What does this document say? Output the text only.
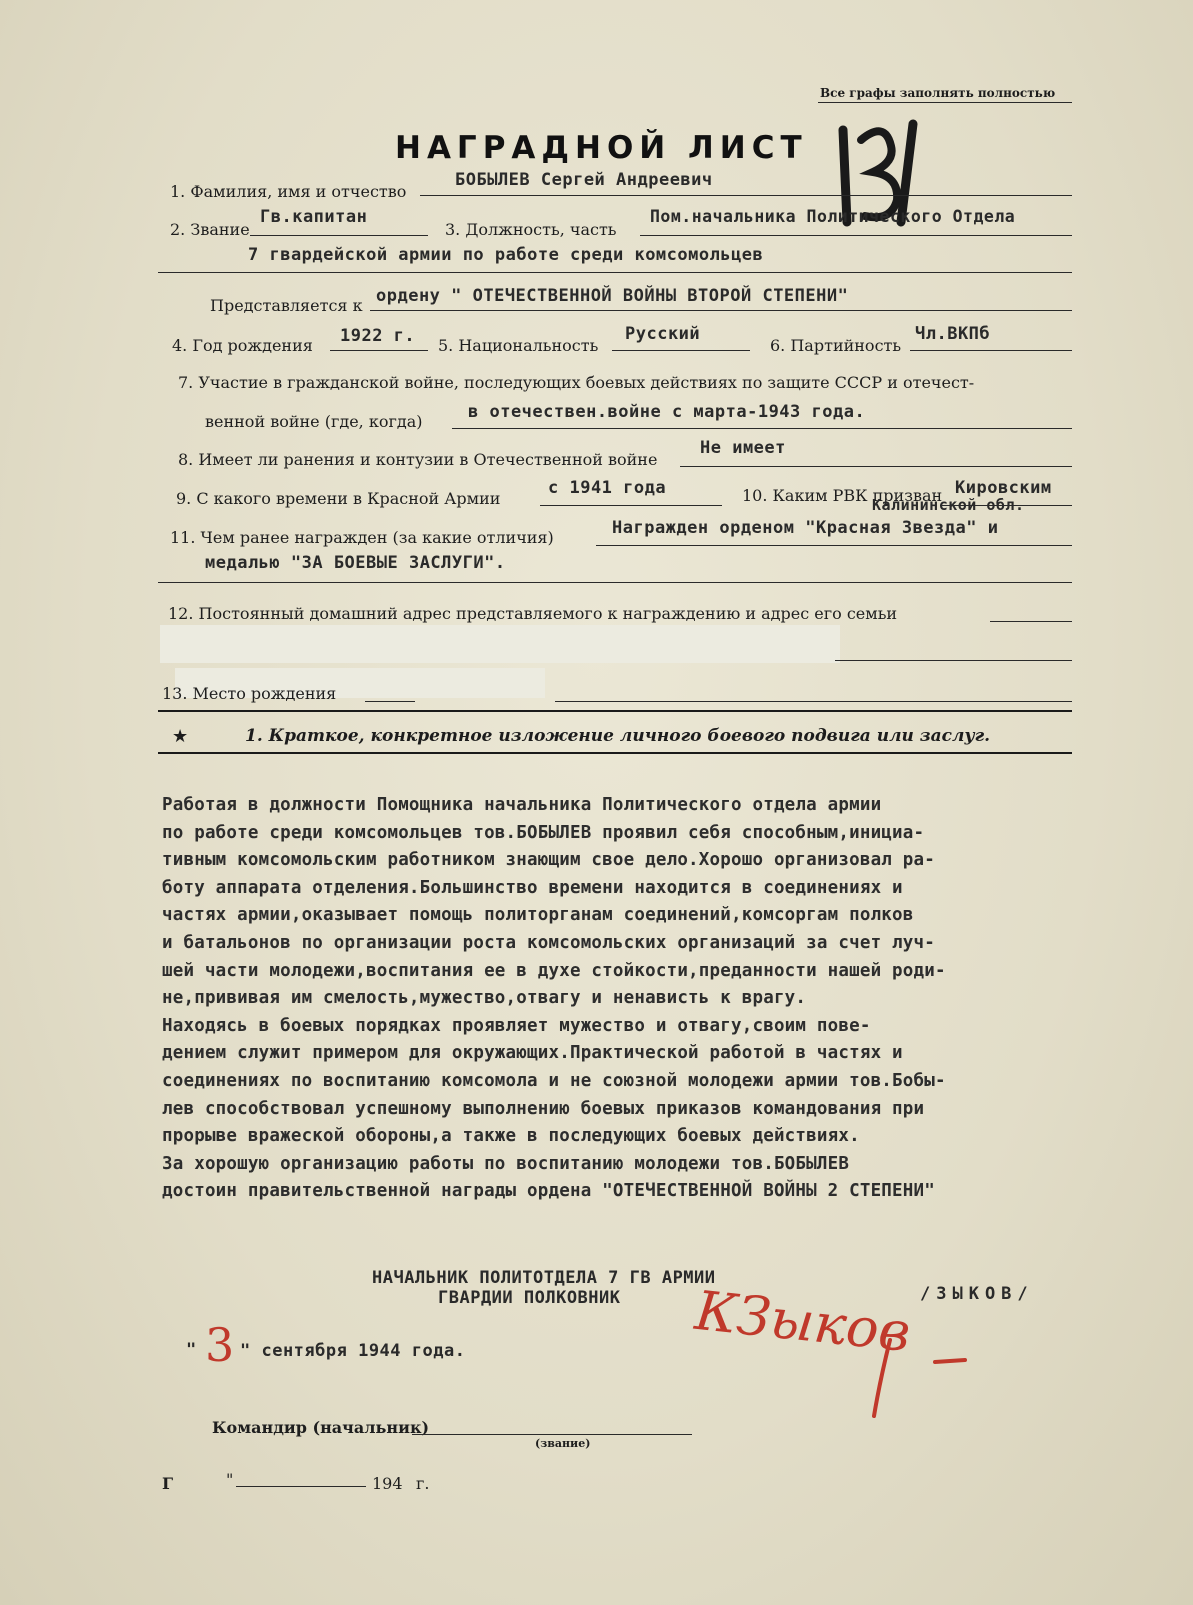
Все графы заполнять полностью
НАГРАДНОЙ ЛИСТ
1. Фамилия, имя и отчество
БОБЫЛЕВ Сергей Андреевич
2. Звание
Гв.капитан
3. Должность, часть
Пом.начальника Политического Отдела
7 гвардейской армии по работе среди комсомольцев
Представляется к ордену " ОТЕЧЕСТВЕННОЙ ВОЙНЫ ВТОРОЙ СТЕПЕНИ"
4. Год рождения 1922 г. 5. Национальность
Русский
6. Партийность
Чл.ВКПб
7. Участие в гражданской войне, последующих боевых действиях по защите СССР и отечест-
венной войне (где, когда)	в отечествен.войне с марта-1943 года.
8. Имеет ли ранения и контузии в Отечественной войне
Не имеет
9. С какого времени в Красной Армии
с 1941 года	10. Каким РВК призван Кировским
Калининской обл.
11. Чем ранее награжден (за какие отличия)	Награжден орденом "Красная Звезда" и
медалью "ЗА БОЕВЫЕ ЗАСЛУГИ".
12. Постоянный домашний адрес представляемого к награждению и адрес его семьи
13. Место рождения
★	1. Краткое, конкретное изложение личного боевого подвига или заслуг.

Работая в должности Помощника начальника Политического отдела армии

по работе среди комсомольцев тов.БОБЫЛЕВ проявил себя способным,инициа-

тивным комсомольским работником знающим свое дело.Хорошо организовал ра-

боту аппарата отделения.Большинство времени находится в соединениях и

частях армии,оказывает помощь политорганам соединений,комсоргам полков

и батальонов по организации роста комсомольских организаций за счет луч-

шей части молодежи,воспитания ее в духе стойкости,преданности нашей роди-

не,прививая им смелость,мужество,отвагу и ненависть к врагу.

Находясь в боевых порядках проявляет мужество и отвагу,своим пове-

дением служит примером для окружающих.Практической работой в частях и

соединениях по воспитанию комсомола и не союзной молодежи армии тов.Бобы-

лев способствовал успешному выполнению боевых приказов командования при

прорыве вражеской обороны,а также в последующих боевых действиях.

За хорошую организацию работы по воспитанию молодежи тов.БОБЫЛЕВ

достоин правительственной награды ордена "ОТЕЧЕСТВЕННОЙ ВОЙНЫ 2 СТЕПЕНИ"

НАЧАЛЬНИК ПОЛИТОТДЕЛА 7 ГВ АРМИИ
ГВАРДИИ ПОЛКОВНИК	/ЗЫКОВ/
КЗыков
" 3 " сентября 1944 года.
Командир (начальник)
(звание)
Г	"	194 г.
